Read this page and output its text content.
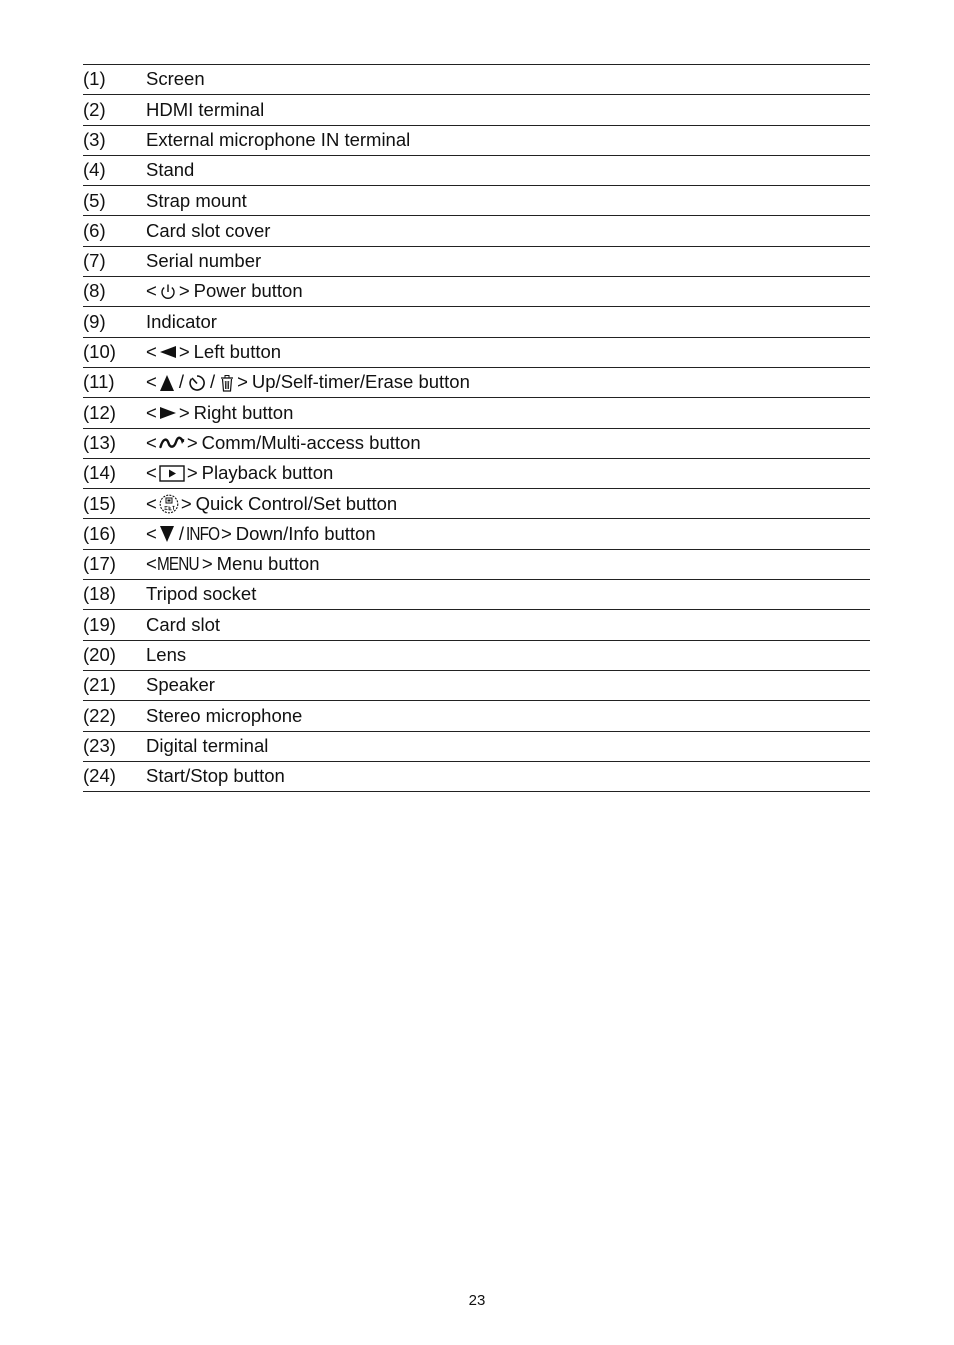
(1)	Screen
(2)	HDMI terminal
(3)	External microphone IN terminal
(4)	Stand
(5)	Strap mount
(6)	Card slot cover
(7)	Serial number
(8)	< > Power button
(9)	Indicator
(10)	< > Left button
(11)	< / / > Up/Self-timer/Erase button
(12)	< > Right button
(13)	< > Comm/Multi-access button
(14)	< > Playback button
(15)	< > Quick Control/Set button
(16)	< / INFO > Down/Info button
(17)	< MENU > Menu button
(18)	Tripod socket
(19)	Card slot
(20)	Lens
(21)	Speaker
(22)	Stereo microphone
(23)	Digital terminal
(24)	Start/Stop button
23
